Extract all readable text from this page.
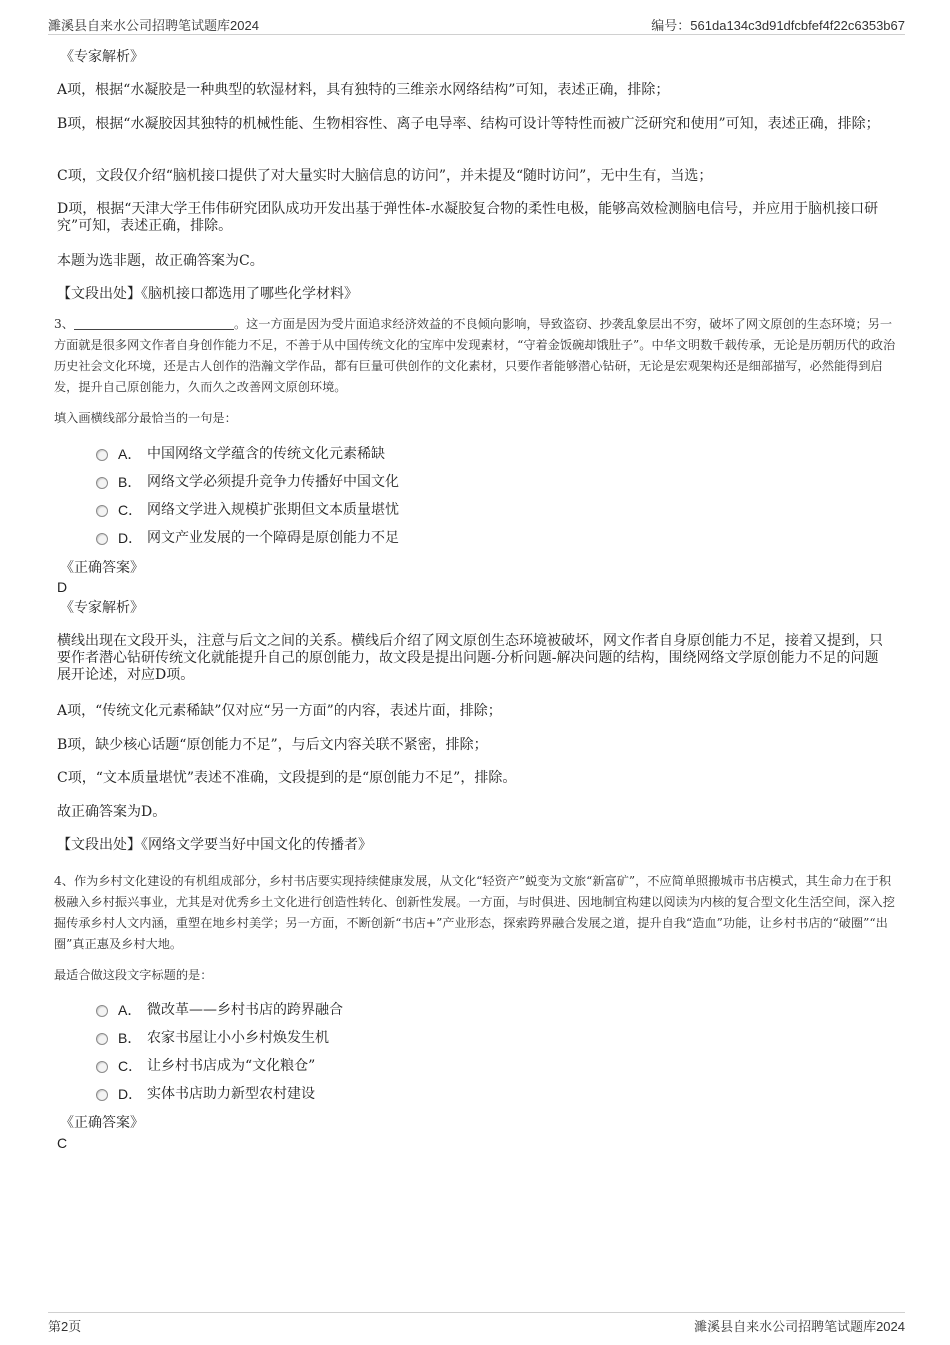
濉溪县自来水公司招聘笔试题库2024	编号：561da134c3d91dfcbfef4f22c6353b67
《专家解析》

A项，根据“水凝胶是一种典型的软湿材料，具有独特的三维亲水网络结构”可知，表述正确，排除；

B项，根据“水凝胶因其独特的机械性能、生物相容性、离子电导率、结构可设计等特性而被广泛研究和使用”可知，表述正确，排除；

C项，文段仅介绍“脑机接口提供了对大量实时大脑信息的访问”，并未提及“随时访问”，无中生有，当选；

D项，根据“天津大学王伟伟研究团队成功开发出基于弹性体-水凝胶复合物的柔性电极，能够高效检测脑电信号，并应用于脑机接口研究”可知，表述正确，排除。

本题为选非题，故正确答案为C。

【文段出处】《脑机接口都选用了哪些化学材料》

3、	。这一方面是因为受片面追求经济效益的不良倾向影响，导致盗窃、抄袭乱象层出不穷，破坏了网文原创的生态环境；另一方面就是很多网文作者自身创作能力不足，不善于从中国传统文化的宝库中发现素材，“守着金饭碗却饿肚子”。中华文明数千载传承，无论是历朝历代的政治历史社会文化环境，还是古人创作的浩瀚文学作品，都有巨量可供创作的文化素材，只要作者能够潜心钻研，无论是宏观架构还是细部描写，必然能得到启发，提升自己原创能力，久而久之改善网文原创环境。

填入画横线部分最恰当的一句是：

A． 中国网络文学蕴含的传统文化元素稀缺
B． 网络文学必须提升竞争力传播好中国文化
C． 网络文学进入规模扩张期但文本质量堪忧
D． 网文产业发展的一个障碍是原创能力不足
《正确答案》
D
《专家解析》

横线出现在文段开头，注意与后文之间的关系。横线后介绍了网文原创生态环境被破坏，网文作者自身原创能力不足，接着又提到，只要作者潜心钻研传统文化就能提升自己的原创能力，故文段是提出问题-分析问题-解决问题的结构，围绕网络文学原创能力不足的问题展开论述，对应D项。

A项，“传统文化元素稀缺”仅对应“另一方面”的内容，表述片面，排除；

B项，缺少核心话题“原创能力不足”，与后文内容关联不紧密，排除；

C项，“文本质量堪忧”表述不准确，文段提到的是“原创能力不足”，排除。

故正确答案为D。

【文段出处】《网络文学要当好中国文化的传播者》

4、作为乡村文化建设的有机组成部分，乡村书店要实现持续健康发展，从文化“轻资产”蜕变为文旅“新富矿”，不应简单照搬城市书店模式，其生命力在于积极融入乡村振兴事业，尤其是对优秀乡土文化进行创造性转化、创新性发展。一方面，与时俱进、因地制宜构建以阅读为内核的复合型文化生活空间，深入挖掘传承乡村人文内涵，重塑在地乡村美学；另一方面，不断创新“书店+”产业形态，探索跨界融合发展之道，提升自我“造血”功能，让乡村书店的“破圈”“出圈”真正惠及乡村大地。

最适合做这段文字标题的是：

A． 微改革——乡村书店的跨界融合
B． 农家书屋让小小乡村焕发生机
C． 让乡村书店成为“文化粮仓”
D． 实体书店助力新型农村建设
《正确答案》
C
第2页	濉溪县自来水公司招聘笔试题库2024
